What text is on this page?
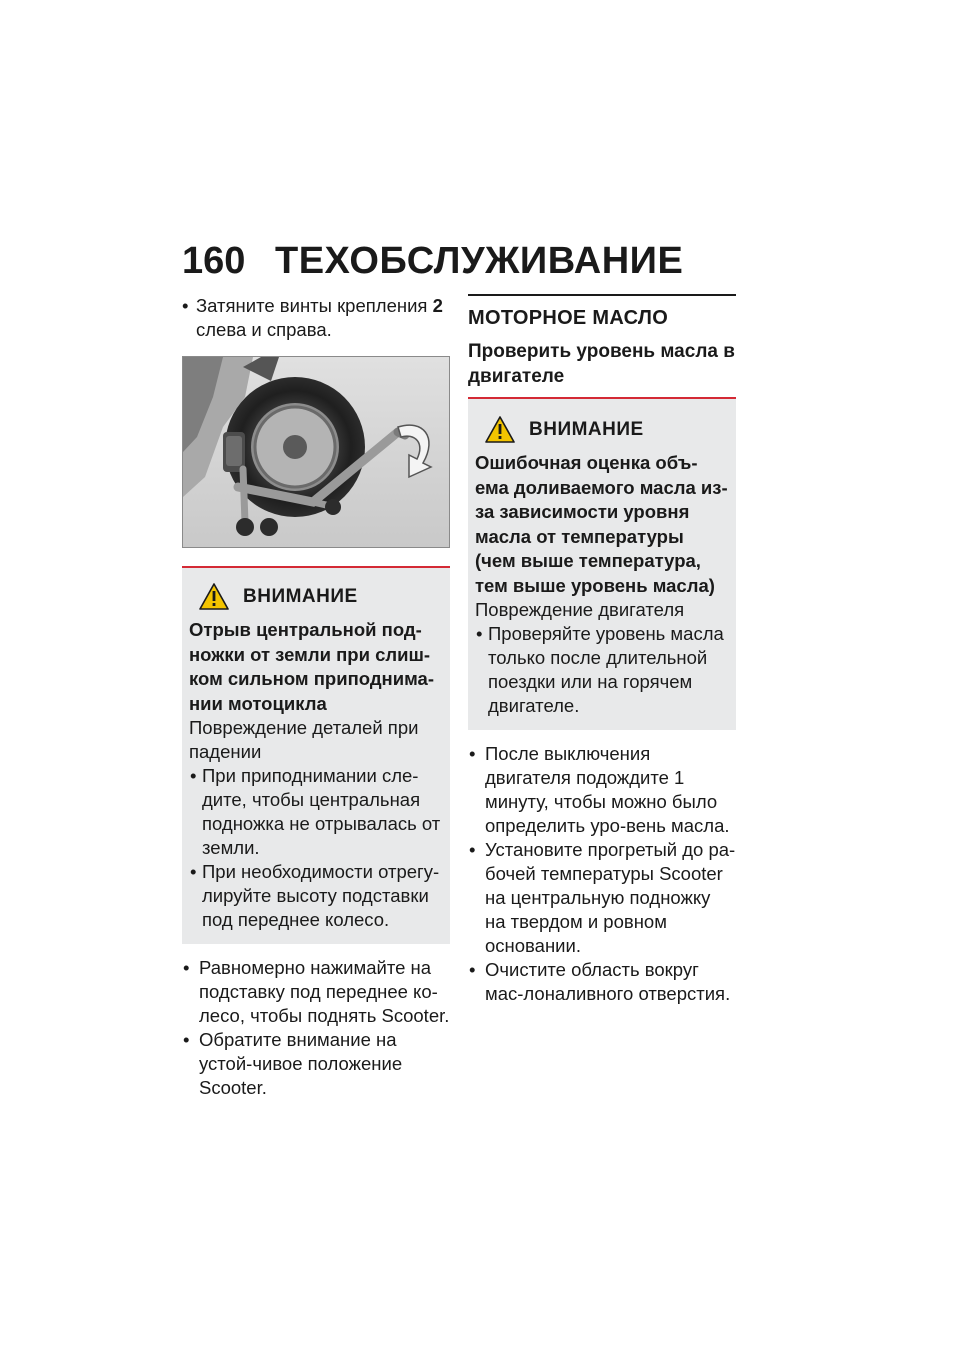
160 ТЕХОБСЛУЖИВАНИЕ
• Затяните винты крепления 2
слева и справа.
ВНИМАНИЕ
Отрыв центральной под-ножки от земли при слиш-ком сильном приподнима-нии мотоцикла
Повреждение деталей при падении
• При приподнимании сле-дите, чтобы центральная подножка не отрывалась от земли.
• При необходимости отрегу-лируйте высоту подставки под переднее колесо.
• Равномерно нажимайте на подставку под переднее ко-лесо, чтобы поднять Scooter.
• Обратите внимание на устой-чивое положение Scooter.
МОТОРНОЕ МАСЛО
Проверить уровень масла в двигателе
ВНИМАНИЕ
Ошибочная оценка объ-ема доливаемого масла из-за зависимости уровня масла от температуры (чем выше температура, тем выше уровень масла)
Повреждение двигателя
• Проверяйте уровень масла только после длительной поездки или на горячем двигателе.
• После выключения двигателя подождите 1 минуту, чтобы можно было определить уро-вень масла.
• Установите прогретый до ра-бочей температуры Scooter на центральную подножку на твердом и ровном основании.
• Очистите область вокруг мас-лоналивного отверстия.
